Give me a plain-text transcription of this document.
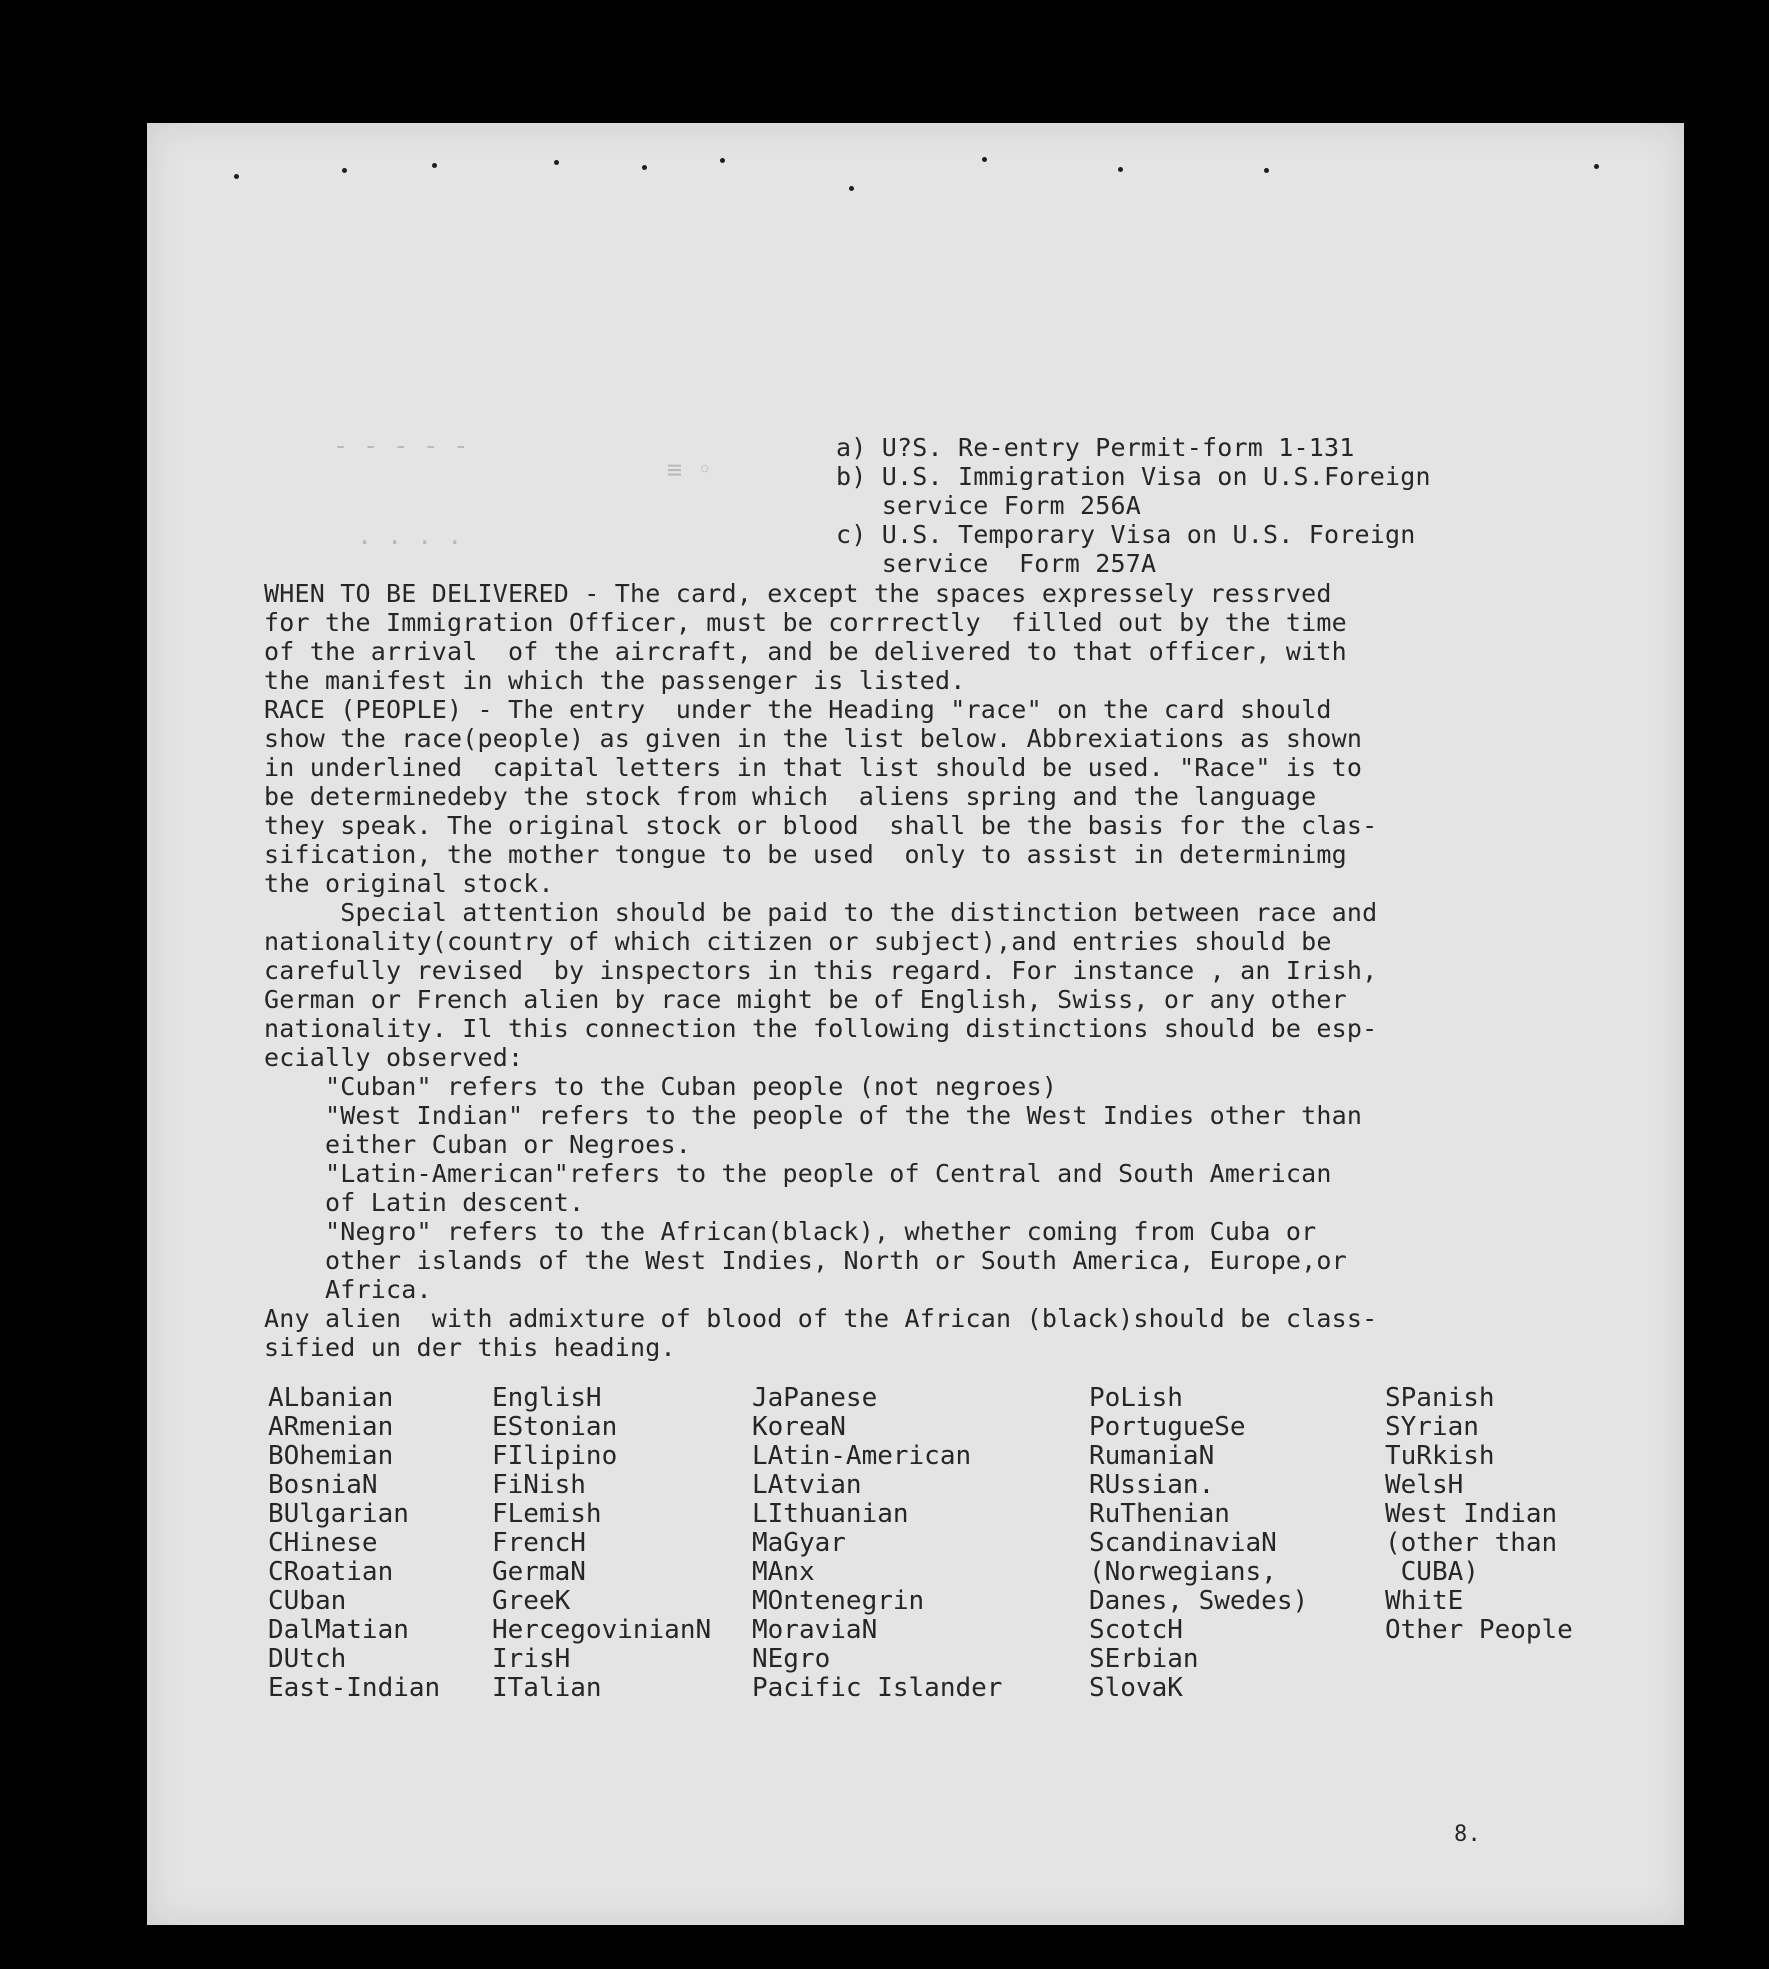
- - - - -
≡ ◦
· · · ·
a) U?S. Re-entry Permit-form 1-131
b) U.S. Immigration Visa on U.S.Foreign
service Form 256A
c) U.S. Temporary Visa on U.S. Foreign
service  Form 257A
WHEN TO BE DELIVERED - The card, except the spaces expressely ressrved
for the Immigration Officer, must be corrrectly  filled out by the time
of the arrival  of the aircraft, and be delivered to that officer, with
the manifest in which the passenger is listed.
RACE (PEOPLE) - The entry  under the Heading "race" on the card should
show the race(people) as given in the list below. Abbrexiations as shown
in underlined  capital letters in that list should be used. "Race" is to
be determinedeby the stock from which  aliens spring and the language
they speak. The original stock or blood  shall be the basis for the clas-
sification, the mother tongue to be used  only to assist in determinimg
the original stock.
Special attention should be paid to the distinction between race and
nationality(country of which citizen or subject),and entries should be
carefully revised  by inspectors in this regard. For instance , an Irish,
German or French alien by race might be of English, Swiss, or any other
nationality. Il this connection the following distinctions should be esp-
ecially observed:
"Cuban" refers to the Cuban people (not negroes)
"West Indian" refers to the people of the the West Indies other than
either Cuban or Negroes.
"Latin-American"refers to the people of Central and South American
of Latin descent.
"Negro" refers to the African(black), whether coming from Cuba or
other islands of the West Indies, North or South America, Europe,or
Africa.
Any alien  with admixture of blood of the African (black)should be class-
sified un der this heading.
ALbanian
ARmenian
BOhemian
BosniaN
BUlgarian
CHinese
CRoatian
CUban
DalMatian
DUtch
East-Indian
EnglisH
EStonian
FIlipino
FiNish
FLemish
FrencH
GermaN
GreeK
HercegovinianN
IrisH
ITalian
JaPanese
KoreaN
LAtin-American
LAtvian
LIthuanian
MaGyar
MAnx
MOntenegrin
MoraviaN
NEgro
Pacific Islander
PoLish
PortugueSe
RumaniaN
RUssian.
RuThenian
ScandinaviaN
(Norwegians,
Danes, Swedes)
ScotcH
SErbian
SlovaK
SPanish
SYrian
TuRkish
WelsH
West Indian
(other than
CUBA)
WhitE
Other People
8.
